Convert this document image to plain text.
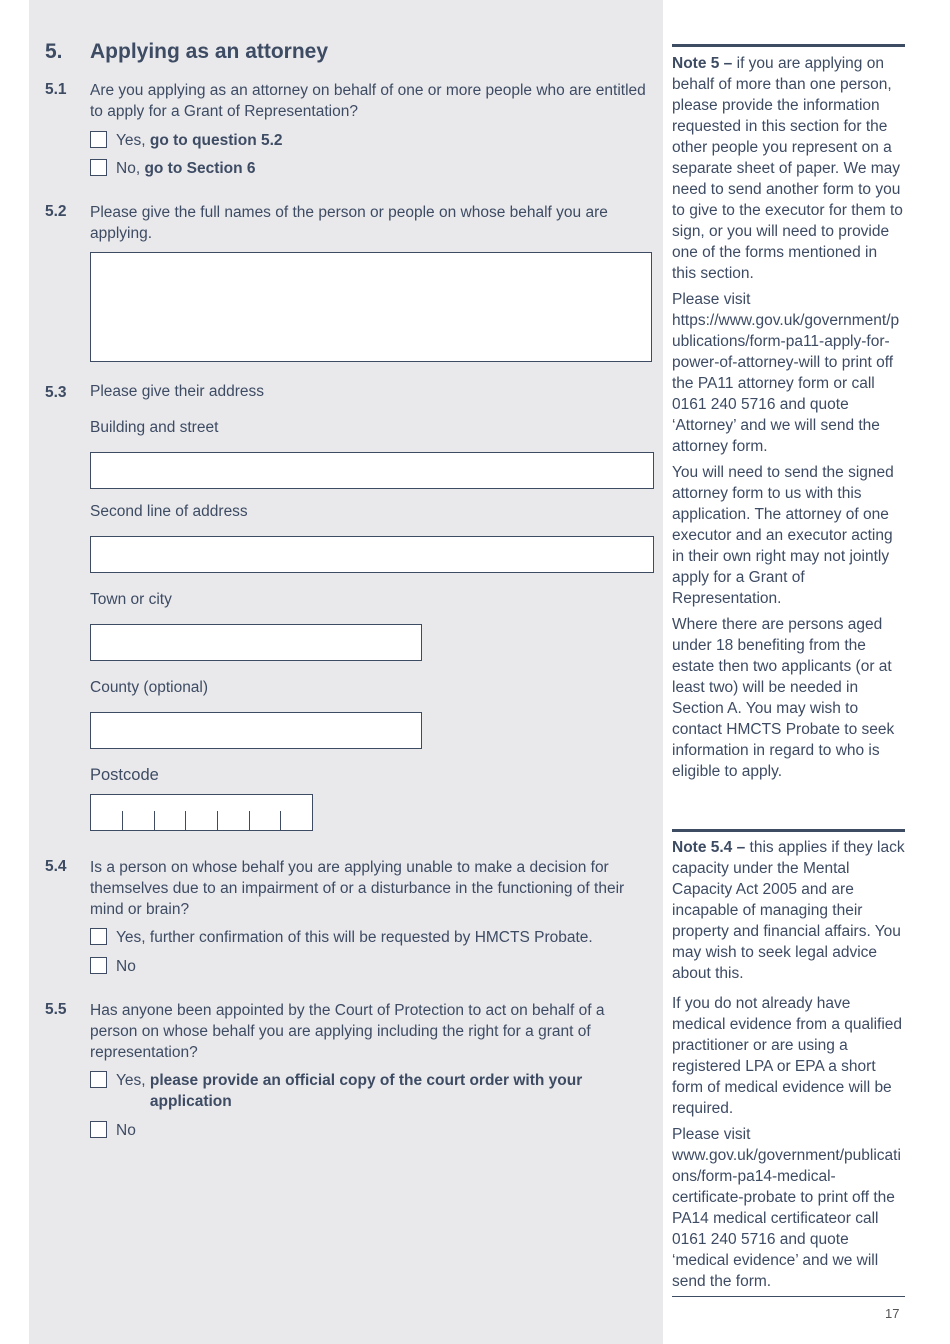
5. Applying as an attorney
5.1 Are you applying as an attorney on behalf of one or more people who are entitled to apply for a Grant of Representation?
Yes, go to question 5.2
No, go to Section 6
5.2 Please give the full names of the person or people on whose behalf you are applying.
5.3 Please give their address
Building and street
Second line of address
Town or city
County (optional)
Postcode
5.4 Is a person on whose behalf you are applying unable to make a decision for themselves due to an impairment of or a disturbance in the functioning of their mind or brain?
Yes, further confirmation of this will be requested by HMCTS Probate.
No
5.5 Has anyone been appointed by the Court of Protection to act on behalf of a person on whose behalf you are applying including the right for a grant of representation?
Yes, please provide an official copy of the court order with your application
No

Note 5 – if you are applying on behalf of more than one person, please provide the information requested in this section for the other people you represent on a separate sheet of paper. We may need to send another form to you to give to the executor for them to sign, or you will need to provide one of the forms mentioned in this section.

Please visit https://www.gov.uk/government/publications/form-pa11-apply-for-power-of-attorney-will to print off the PA11 attorney form or call 0161 240 5716 and quote ‘Attorney’ and we will send the attorney form.

You will need to send the signed attorney form to us with this application. The attorney of one executor and an executor acting in their own right may not jointly apply for a Grant of Representation.

Where there are persons aged under 18 benefiting from the estate then two applicants (or at least two) will be needed in Section A. You may wish to contact HMCTS Probate to seek information in regard to who is eligible to apply.

Note 5.4 – this applies if they lack capacity under the Mental Capacity Act 2005 and are incapable of managing their property and financial affairs. You may wish to seek legal advice about this.

If you do not already have medical evidence from a qualified practitioner or are using a registered LPA or EPA a short form of medical evidence will be required.

Please visit www.gov.uk/government/publications/form-pa14-medical-certificate-probate to print off the PA14 medical certificateor call 0161 240 5716 and quote ‘medical evidence’ and we will send the form.

17
